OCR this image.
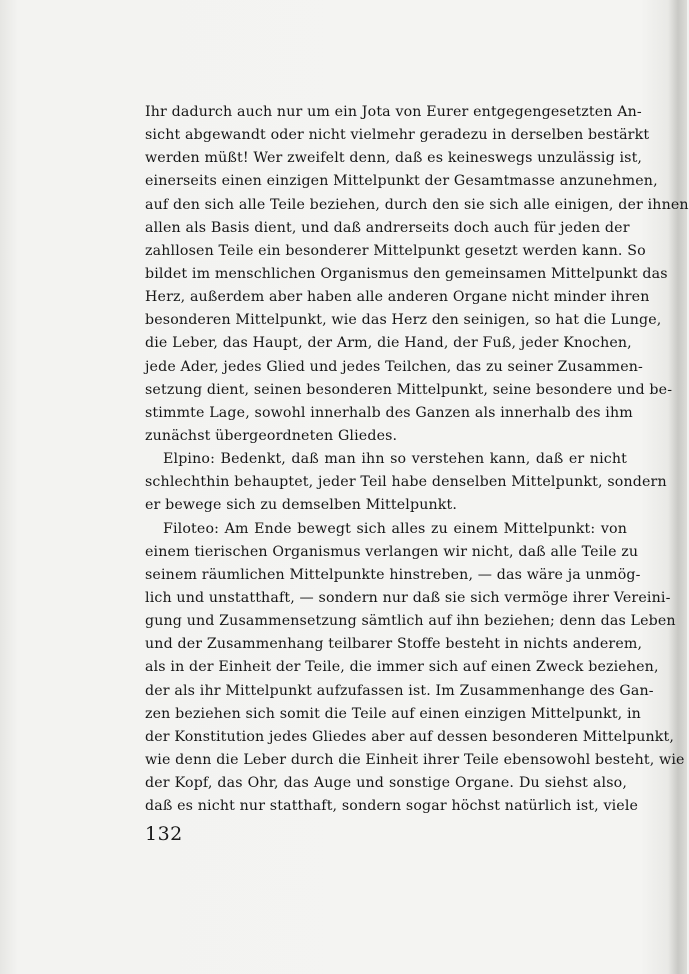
Ihr dadurch auch nur um ein Jota von Eurer entgegengesetzten An-
sicht abgewandt oder nicht vielmehr geradezu in derselben bestärkt
werden müßt! Wer zweifelt denn, daß es keineswegs unzulässig ist,
einerseits einen einzigen Mittelpunkt der Gesamtmasse anzunehmen,
auf den sich alle Teile beziehen, durch den sie sich alle einigen, der ihnen
allen als Basis dient, und daß andrerseits doch auch für jeden der
zahllosen Teile ein besonderer Mittelpunkt gesetzt werden kann. So
bildet im menschlichen Organismus den gemeinsamen Mittelpunkt das
Herz, außerdem aber haben alle anderen Organe nicht minder ihren
besonderen Mittelpunkt, wie das Herz den seinigen, so hat die Lunge,
die Leber, das Haupt, der Arm, die Hand, der Fuß, jeder Knochen,
jede Ader, jedes Glied und jedes Teilchen, das zu seiner Zusammen-
setzung dient, seinen besonderen Mittelpunkt, seine besondere und be-
stimmte Lage, sowohl innerhalb des Ganzen als innerhalb des ihm
zunächst übergeordneten Gliedes.
Elpino: Bedenkt, daß man ihn so verstehen kann, daß er nicht
schlechthin behauptet, jeder Teil habe denselben Mittelpunkt, sondern
er bewege sich zu demselben Mittelpunkt.
Filoteo: Am Ende bewegt sich alles zu einem Mittelpunkt: von
einem tierischen Organismus verlangen wir nicht, daß alle Teile zu
seinem räumlichen Mittelpunkte hinstreben, — das wäre ja unmög-
lich und unstatthaft, — sondern nur daß sie sich vermöge ihrer Vereini-
gung und Zusammensetzung sämtlich auf ihn beziehen; denn das Leben
und der Zusammenhang teilbarer Stoffe besteht in nichts anderem,
als in der Einheit der Teile, die immer sich auf einen Zweck beziehen,
der als ihr Mittelpunkt aufzufassen ist. Im Zusammenhange des Gan-
zen beziehen sich somit die Teile auf einen einzigen Mittelpunkt, in
der Konstitution jedes Gliedes aber auf dessen besonderen Mittelpunkt,
wie denn die Leber durch die Einheit ihrer Teile ebensowohl besteht, wie
der Kopf, das Ohr, das Auge und sonstige Organe. Du siehst also,
daß es nicht nur statthaft, sondern sogar höchst natürlich ist, viele
132
